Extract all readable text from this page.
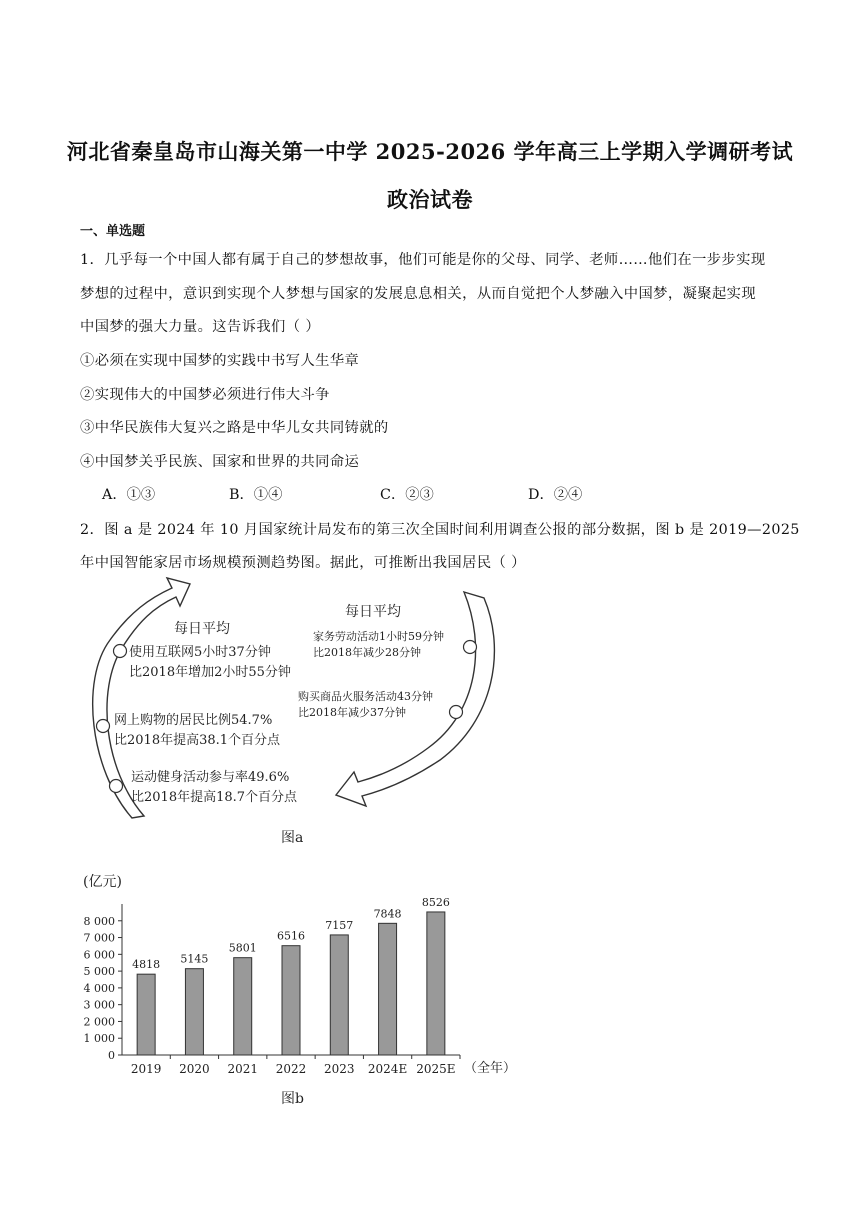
河北省秦皇岛市山海关第一中学 2025-2026 学年高三上学期入学调研考试
政治试卷
一、单选题
1．几乎每一个中国人都有属于自己的梦想故事，他们可能是你的父母、同学、老师……他们在一步步实现
梦想的过程中，意识到实现个人梦想与国家的发展息息相关，从而自觉把个人梦融入中国梦，凝聚起实现
中国梦的强大力量。这告诉我们（ ）
①必须在实现中国梦的实践中书写人生华章
②实现伟大的中国梦必须进行伟大斗争
③中华民族伟大复兴之路是中华儿女共同铸就的
④中国梦关乎民族、国家和世界的共同命运
A．①③	B．①④	C．②③	D．②④
2．图 a 是 2024 年 10 月国家统计局发布的第三次全国时间利用调查公报的部分数据，图 b 是 2019—2025
年中国智能家居市场规模预测趋势图。据此，可推断出我国居民（ ）
每日平均
每日平均
使用互联网5小时37分钟
比2018年增加2小时55分钟
网上购物的居民比例54.7%
比2018年提高38.1个百分点
运动健身活动参与率49.6%
比2018年提高18.7个百分点
家务劳动活动1小时59分钟
比2018年减少28分钟
购买商品火服务活动43分钟
比2018年减少37分钟
图a
(亿元)
（全年）
图b
0
1 000
2 000
3 000
4 000
5 000
6 000
7 000
8 000
4818
2019
5145
2020
5801
2021
6516
2022
7157
2023
7848
2024E
8526
2025E
